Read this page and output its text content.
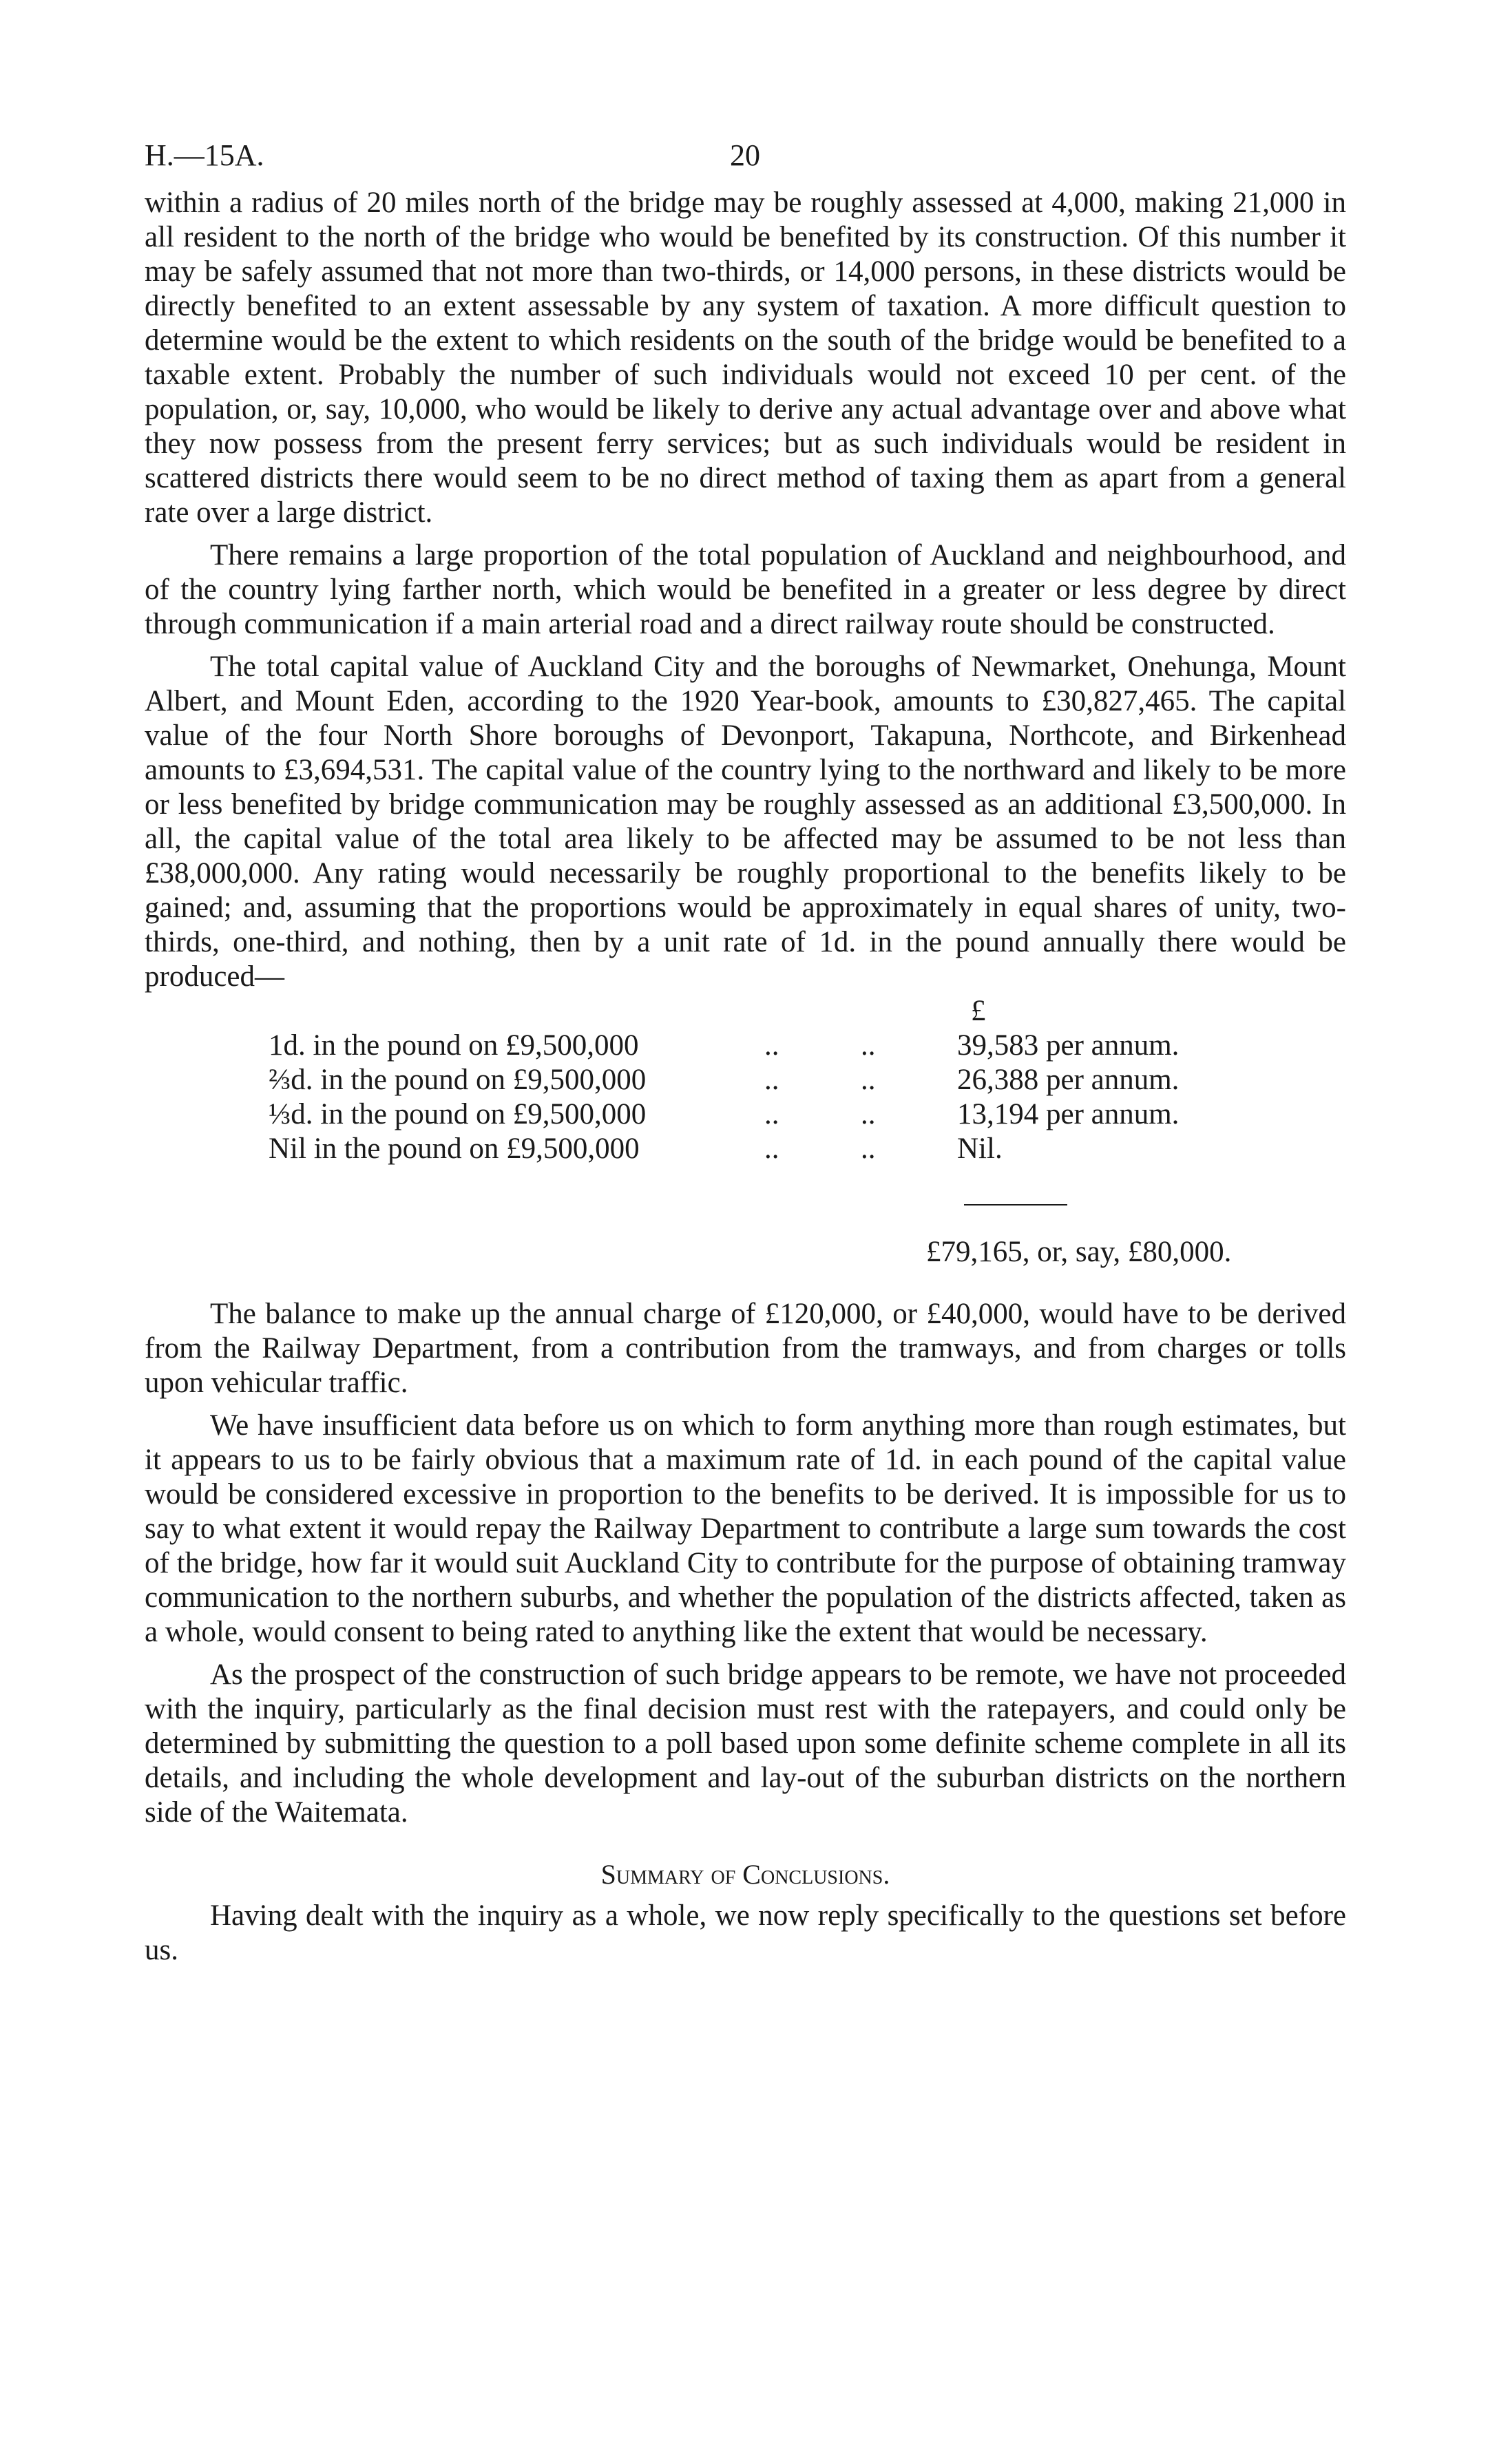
H.—15A.	20

within a radius of 20 miles north of the bridge may be roughly assessed at 4,000, making 21,000 in all resident to the north of the bridge who would be benefited by its construction. Of this number it may be safely assumed that not more than two-thirds, or 14,000 persons, in these districts would be directly benefited to an extent assessable by any system of taxation. A more difficult question to determine would be the extent to which residents on the south of the bridge would be benefited to a taxable extent. Probably the number of such individuals would not exceed 10 per cent. of the population, or, say, 10,000, who would be likely to derive any actual advantage over and above what they now possess from the present ferry services; but as such individuals would be resident in scattered districts there would seem to be no direct method of taxing them as apart from a general rate over a large district.

There remains a large proportion of the total population of Auckland and neighbourhood, and of the country lying farther north, which would be benefited in a greater or less degree by direct through communication if a main arterial road and a direct railway route should be constructed.

The total capital value of Auckland City and the boroughs of Newmarket, Onehunga, Mount Albert, and Mount Eden, according to the 1920 Year-book, amounts to £30,827,465. The capital value of the four North Shore boroughs of Devonport, Takapuna, Northcote, and Birkenhead amounts to £3,694,531. The capital value of the country lying to the northward and likely to be more or less benefited by bridge communication may be roughly assessed as an additional £3,500,000. In all, the capital value of the total area likely to be affected may be assumed to be not less than £38,000,000. Any rating would necessarily be roughly proportional to the benefits likely to be gained; and, assuming that the proportions would be approximately in equal shares of unity, two-thirds, one-third, and nothing, then by a unit rate of 1d. in the pound annually there would be produced—

£
1d. in the pound on £9,500,000	..	..	39,583 per annum.
⅔d. in the pound on £9,500,000	..	..	26,388 per annum.
⅓d. in the pound on £9,500,000	..	..	13,194 per annum.
Nil in the pound on £9,500,000	..	..	Nil.
£79,165, or, say, £80,000.

The balance to make up the annual charge of £120,000, or £40,000, would have to be derived from the Railway Department, from a contribution from the tramways, and from charges or tolls upon vehicular traffic.

We have insufficient data before us on which to form anything more than rough estimates, but it appears to us to be fairly obvious that a maximum rate of 1d. in each pound of the capital value would be considered excessive in proportion to the benefits to be derived. It is impossible for us to say to what extent it would repay the Railway Department to contribute a large sum towards the cost of the bridge, how far it would suit Auckland City to contribute for the purpose of obtaining tramway communication to the northern suburbs, and whether the population of the districts affected, taken as a whole, would consent to being rated to anything like the extent that would be necessary.

As the prospect of the construction of such bridge appears to be remote, we have not proceeded with the inquiry, particularly as the final decision must rest with the ratepayers, and could only be determined by submitting the question to a poll based upon some definite scheme complete in all its details, and including the whole development and lay-out of the suburban districts on the northern side of the Waitemata.

Summary of Conclusions.

Having dealt with the inquiry as a whole, we now reply specifically to the questions set before us.
